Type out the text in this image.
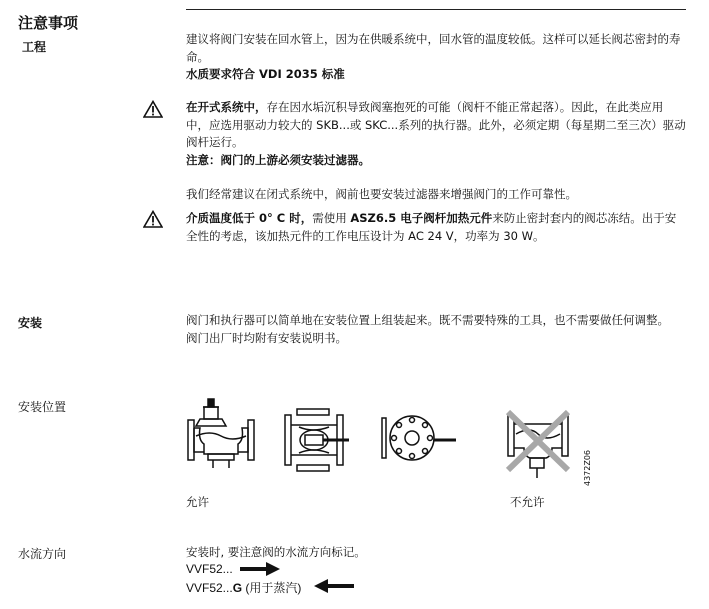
注意事项
工程
建议将阀门安装在回水管上，因为在供暖系统中，回水管的温度较低。这样可以延长阀芯密封的寿命。
水质要求符合 VDI 2035 标准
在开式系统中，存在因水垢沉积导致阀塞抱死的可能（阀杆不能正常起落）。因此，在此类应用中，应选用驱动力较大的 SKB...或 SKC...系列的执行器。此外，必须定期（每星期二至三次）驱动阀杆运行。
注意：阀门的上游必须安装过滤器。
我们经常建议在闭式系统中，阀前也要安装过滤器来增强阀门的工作可靠性。
介质温度低于 0° C 时，需使用 ASZ6.5 电子阀杆加热元件来防止密封套内的阀芯冻结。出于安全性的考虑，该加热元件的工作电压设计为 AC 24 V，功率为 30 W。
安装	阀门和执行器可以简单地在安装位置上组装起来。既不需要特殊的工具，也不需要做任何调整。
阀门出厂时均附有安装说明书。
安装位置
4372Z06
允许	不允许
水流方向	安装时, 要注意阀的水流方向标记。
VVF52...
VVF52...G (用于蒸汽)
